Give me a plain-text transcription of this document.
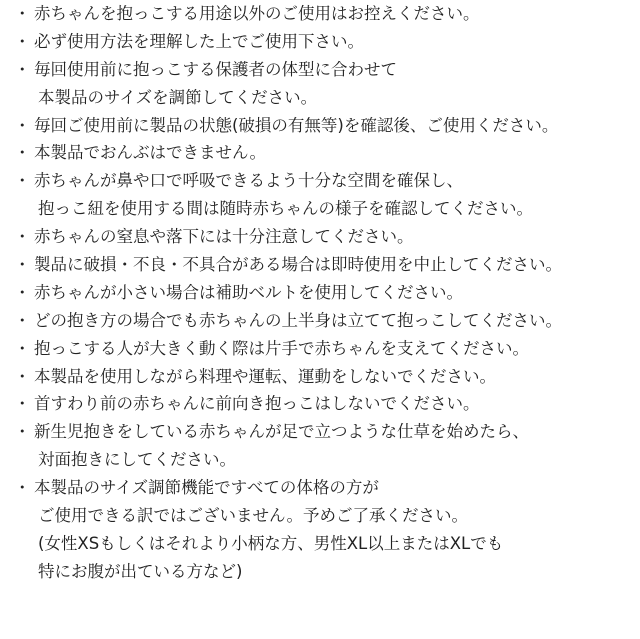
・ 赤ちゃんを抱っこする用途以外のご使用はお控えください。
・ 必ず使用方法を理解した上でご使用下さい。
・ 毎回使用前に抱っこする保護者の体型に合わせて
本製品のサイズを調節してください。
・ 毎回ご使用前に製品の状態(破損の有無等)を確認後、ご使用ください。
・ 本製品でおんぶはできません。
・ 赤ちゃんが鼻や口で呼吸できるよう十分な空間を確保し、
抱っこ紐を使用する間は随時赤ちゃんの様子を確認してください。
・ 赤ちゃんの窒息や落下には十分注意してください。
・ 製品に破損・不良・不具合がある場合は即時使用を中止してください。
・ 赤ちゃんが小さい場合は補助ベルトを使用してください。
・ どの抱き方の場合でも赤ちゃんの上半身は立てて抱っこしてください。
・ 抱っこする人が大きく動く際は片手で赤ちゃんを支えてください。
・ 本製品を使用しながら料理や運転、運動をしないでください。
・ 首すわり前の赤ちゃんに前向き抱っこはしないでください。
・ 新生児抱きをしている赤ちゃんが足で立つような仕草を始めたら、
対面抱きにしてください。
・ 本製品のサイズ調節機能ですべての体格の方が
ご使用できる訳ではございません。予めご了承ください。
(女性XSもしくはそれより小柄な方、男性XL以上またはXLでも
特にお腹が出ている方など)
